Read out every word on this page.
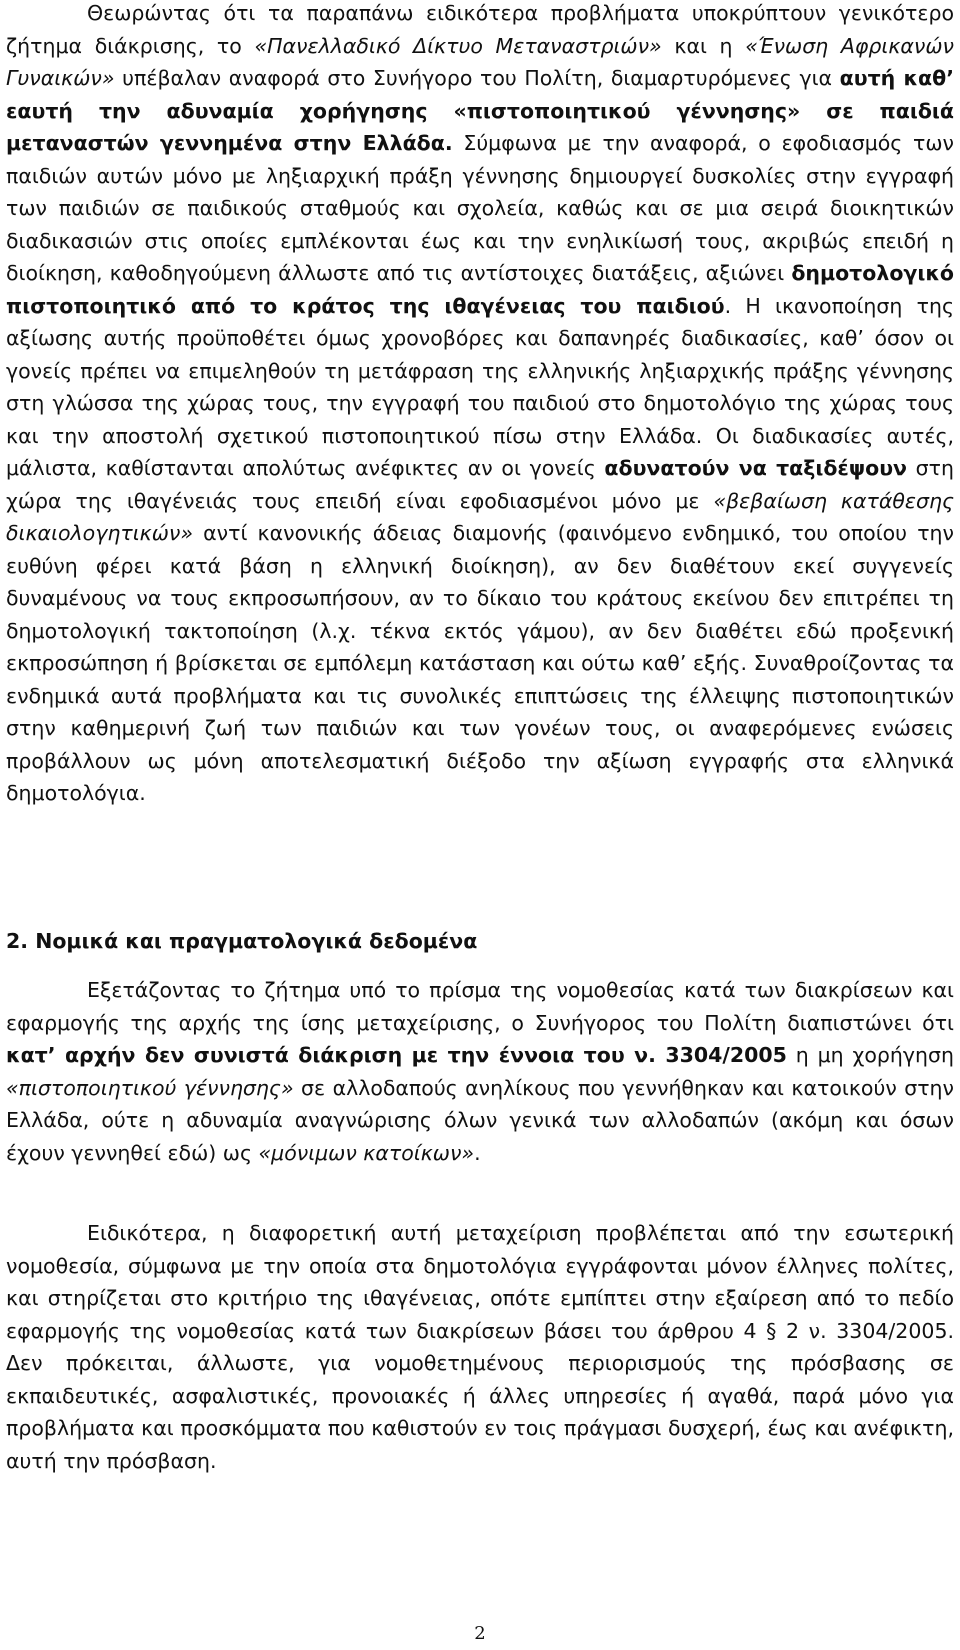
Θεωρώντας ότι τα παραπάνω ειδικότερα προβλήματα υποκρύπτουν γενικότερο ζήτημα διάκρισης, το «Πανελλαδικό Δίκτυο Μεταναστριών» και η «Ένωση Αφρικανών Γυναικών» υπέβαλαν αναφορά στο Συνήγορο του Πολίτη, διαμαρτυρόμενες για αυτή καθ’ εαυτή την αδυναμία χορήγησης «πιστοποιητικού γέννησης» σε παιδιά μεταναστών γεννημένα στην Ελλάδα. Σύμφωνα με την αναφορά, ο εφοδιασμός των παιδιών αυτών μόνο με ληξιαρχική πράξη γέννησης δημιουργεί δυσκολίες στην εγγραφή των παιδιών σε παιδικούς σταθμούς και σχολεία, καθώς και σε μια σειρά διοικητικών διαδικασιών στις οποίες εμπλέκονται έως και την ενηλικίωσή τους, ακριβώς επειδή η διοίκηση, καθοδηγούμενη άλλωστε από τις αντίστοιχες διατάξεις, αξιώνει δημοτολογικό πιστοποιητικό από το κράτος της ιθαγένειας του παιδιού. Η ικανοποίηση της αξίωσης αυτής προϋποθέτει όμως χρονοβόρες και δαπανηρές διαδικασίες, καθ’ όσον οι γονείς πρέπει να επιμεληθούν τη μετάφραση της ελληνικής ληξιαρχικής πράξης γέννησης στη γλώσσα της χώρας τους, την εγγραφή του παιδιού στο δημοτολόγιο της χώρας τους και την αποστολή σχετικού πιστοποιητικού πίσω στην Ελλάδα. Οι διαδικασίες αυτές, μάλιστα, καθίστανται απολύτως ανέφικτες αν οι γονείς αδυνατούν να ταξιδέψουν στη χώρα της ιθαγένειάς τους επειδή είναι εφοδιασμένοι μόνο με «βεβαίωση κατάθεσης δικαιολογητικών» αντί κανονικής άδειας διαμονής (φαινόμενο ενδημικό, του οποίου την ευθύνη φέρει κατά βάση η ελληνική διοίκηση), αν δεν διαθέτουν εκεί συγγενείς δυναμένους να τους εκπροσωπήσουν, αν το δίκαιο του κράτους εκείνου δεν επιτρέπει τη δημοτολογική τακτοποίηση (λ.χ. τέκνα εκτός γάμου), αν δεν διαθέτει εδώ προξενική εκπροσώπηση ή βρίσκεται σε εμπόλεμη κατάσταση και ούτω καθ’ εξής. Συναθροίζοντας τα ενδημικά αυτά προβλήματα και τις συνολικές επιπτώσεις της έλλειψης πιστοποιητικών στην καθημερινή ζωή των παιδιών και των γονέων τους, οι αναφερόμενες ενώσεις προβάλλουν ως μόνη αποτελεσματική διέξοδο την αξίωση εγγραφής στα ελληνικά δημοτολόγια.

2. Νομικά και πραγματολογικά δεδομένα

Εξετάζοντας το ζήτημα υπό το πρίσμα της νομοθεσίας κατά των διακρίσεων και εφαρμογής της αρχής της ίσης μεταχείρισης, ο Συνήγορος του Πολίτη διαπιστώνει ότι κατ’ αρχήν δεν συνιστά διάκριση με την έννοια του ν. 3304/2005 η μη χορήγηση «πιστοποιητικού γέννησης» σε αλλοδαπούς ανηλίκους που γεννήθηκαν και κατοικούν στην Ελλάδα, ούτε η αδυναμία αναγνώρισης όλων γενικά των αλλοδαπών (ακόμη και όσων έχουν γεννηθεί εδώ) ως «μόνιμων κατοίκων».

Ειδικότερα, η διαφορετική αυτή μεταχείριση προβλέπεται από την εσωτερική νομοθεσία, σύμφωνα με την οποία στα δημοτολόγια εγγράφονται μόνον έλληνες πολίτες, και στηρίζεται στο κριτήριο της ιθαγένειας, οπότε εμπίπτει στην εξαίρεση από το πεδίο εφαρμογής της νομοθεσίας κατά των διακρίσεων βάσει του άρθρου 4 § 2 ν. 3304/2005. Δεν πρόκειται, άλλωστε, για νομοθετημένους περιορισμούς της πρόσβασης σε εκπαιδευτικές, ασφαλιστικές, προνοιακές ή άλλες υπηρεσίες ή αγαθά, παρά μόνο για προβλήματα και προσκόμματα που καθιστούν εν τοις πράγμασι δυσχερή, έως και ανέφικτη, αυτή την πρόσβαση.

2
